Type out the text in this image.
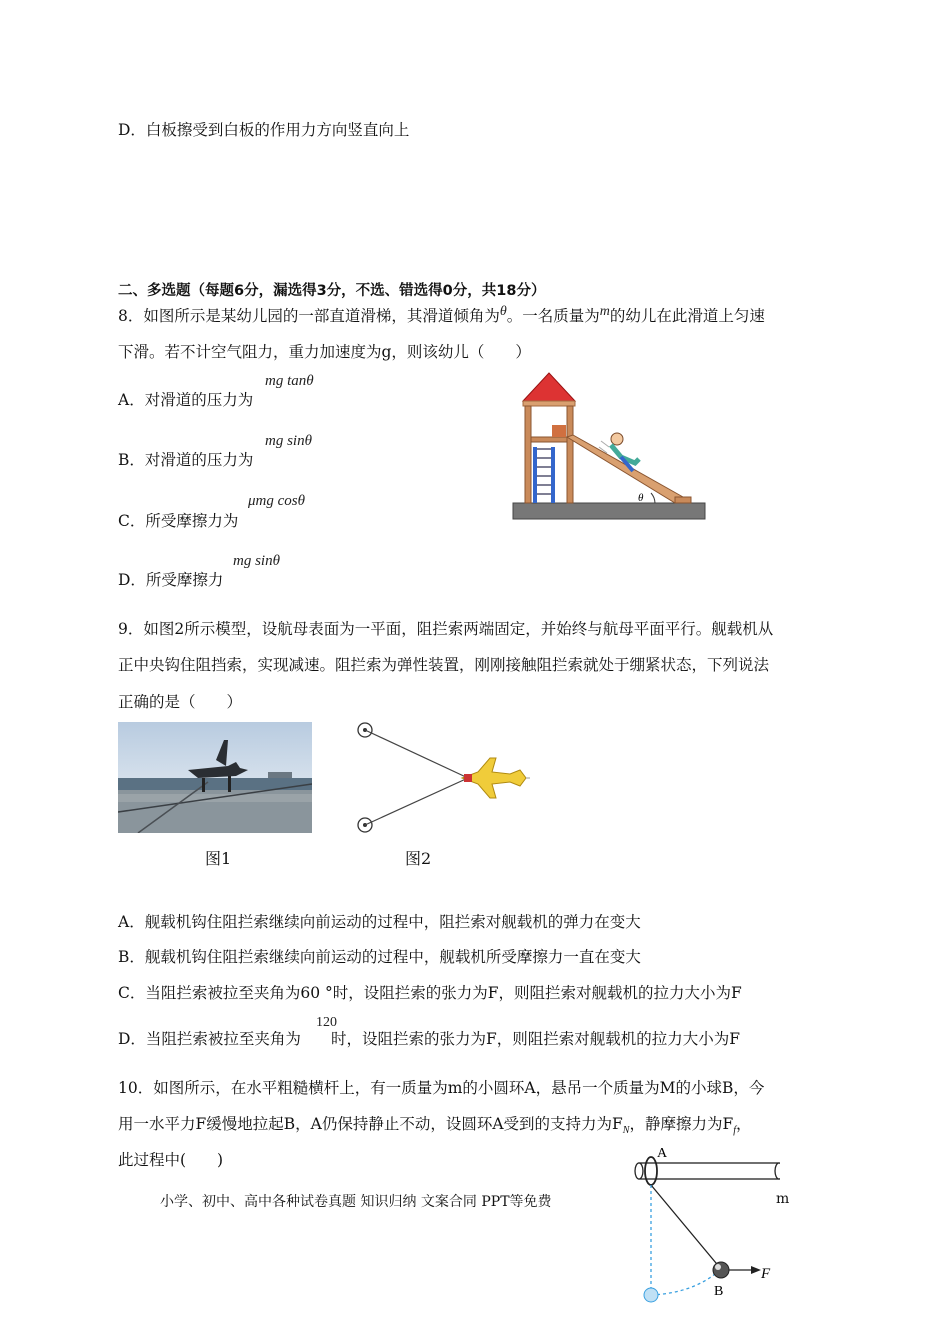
D．白板擦受到白板的作用力方向竖直向上
二、多选题（每题6分，漏选得3分，不选、错选得0分，共18分）
8．如图所示是某幼儿园的一部直道滑梯，其滑道倾角为$^\theta$。一名质量为$^m$的幼儿在此滑道上匀速
下滑。若不计空气阻力，重力加速度为g，则该幼儿（　　）
mg tanθ
A．对滑道的压力为
mg sinθ
B．对滑道的压力为
μmg cosθ
C．所受摩擦力为
mg sinθ
D．所受摩擦力
θ
9．如图2所示模型，设航母表面为一平面，阻拦索两端固定，并始终与航母平面平行。舰载机从
正中央钩住阻挡索，实现减速。阻拦索为弹性装置，刚刚接触阻拦索就处于绷紧状态，下列说法
正确的是（　　）
图1	图2
A．舰载机钩住阻拦索继续向前运动的过程中，阻拦索对舰载机的弹力在变大
B．舰载机钩住阻拦索继续向前运动的过程中，舰载机所受摩擦力一直在变大
C．当阻拦索被拉至夹角为60 °时，设阻拦索的张力为F，则阻拦索对舰载机的拉力大小为F
120
D．当阻拦索被拉至夹角为 时，设阻拦索的张力为F，则阻拦索对舰载机的拉力大小为F
10．如图所示，在水平粗糙横杆上，有一质量为m的小圆环A，悬吊一个质量为M的小球B，今
用一水平力F缓慢地拉起B，A仍保持静止不动，设圆环A受到的支持力为$F_N$，静摩擦力为$F_f$，
此过程中(　　)
小学、初中、高中各种试卷真题 知识归纳 文案合同 PPT等免费
A
F
B
m
